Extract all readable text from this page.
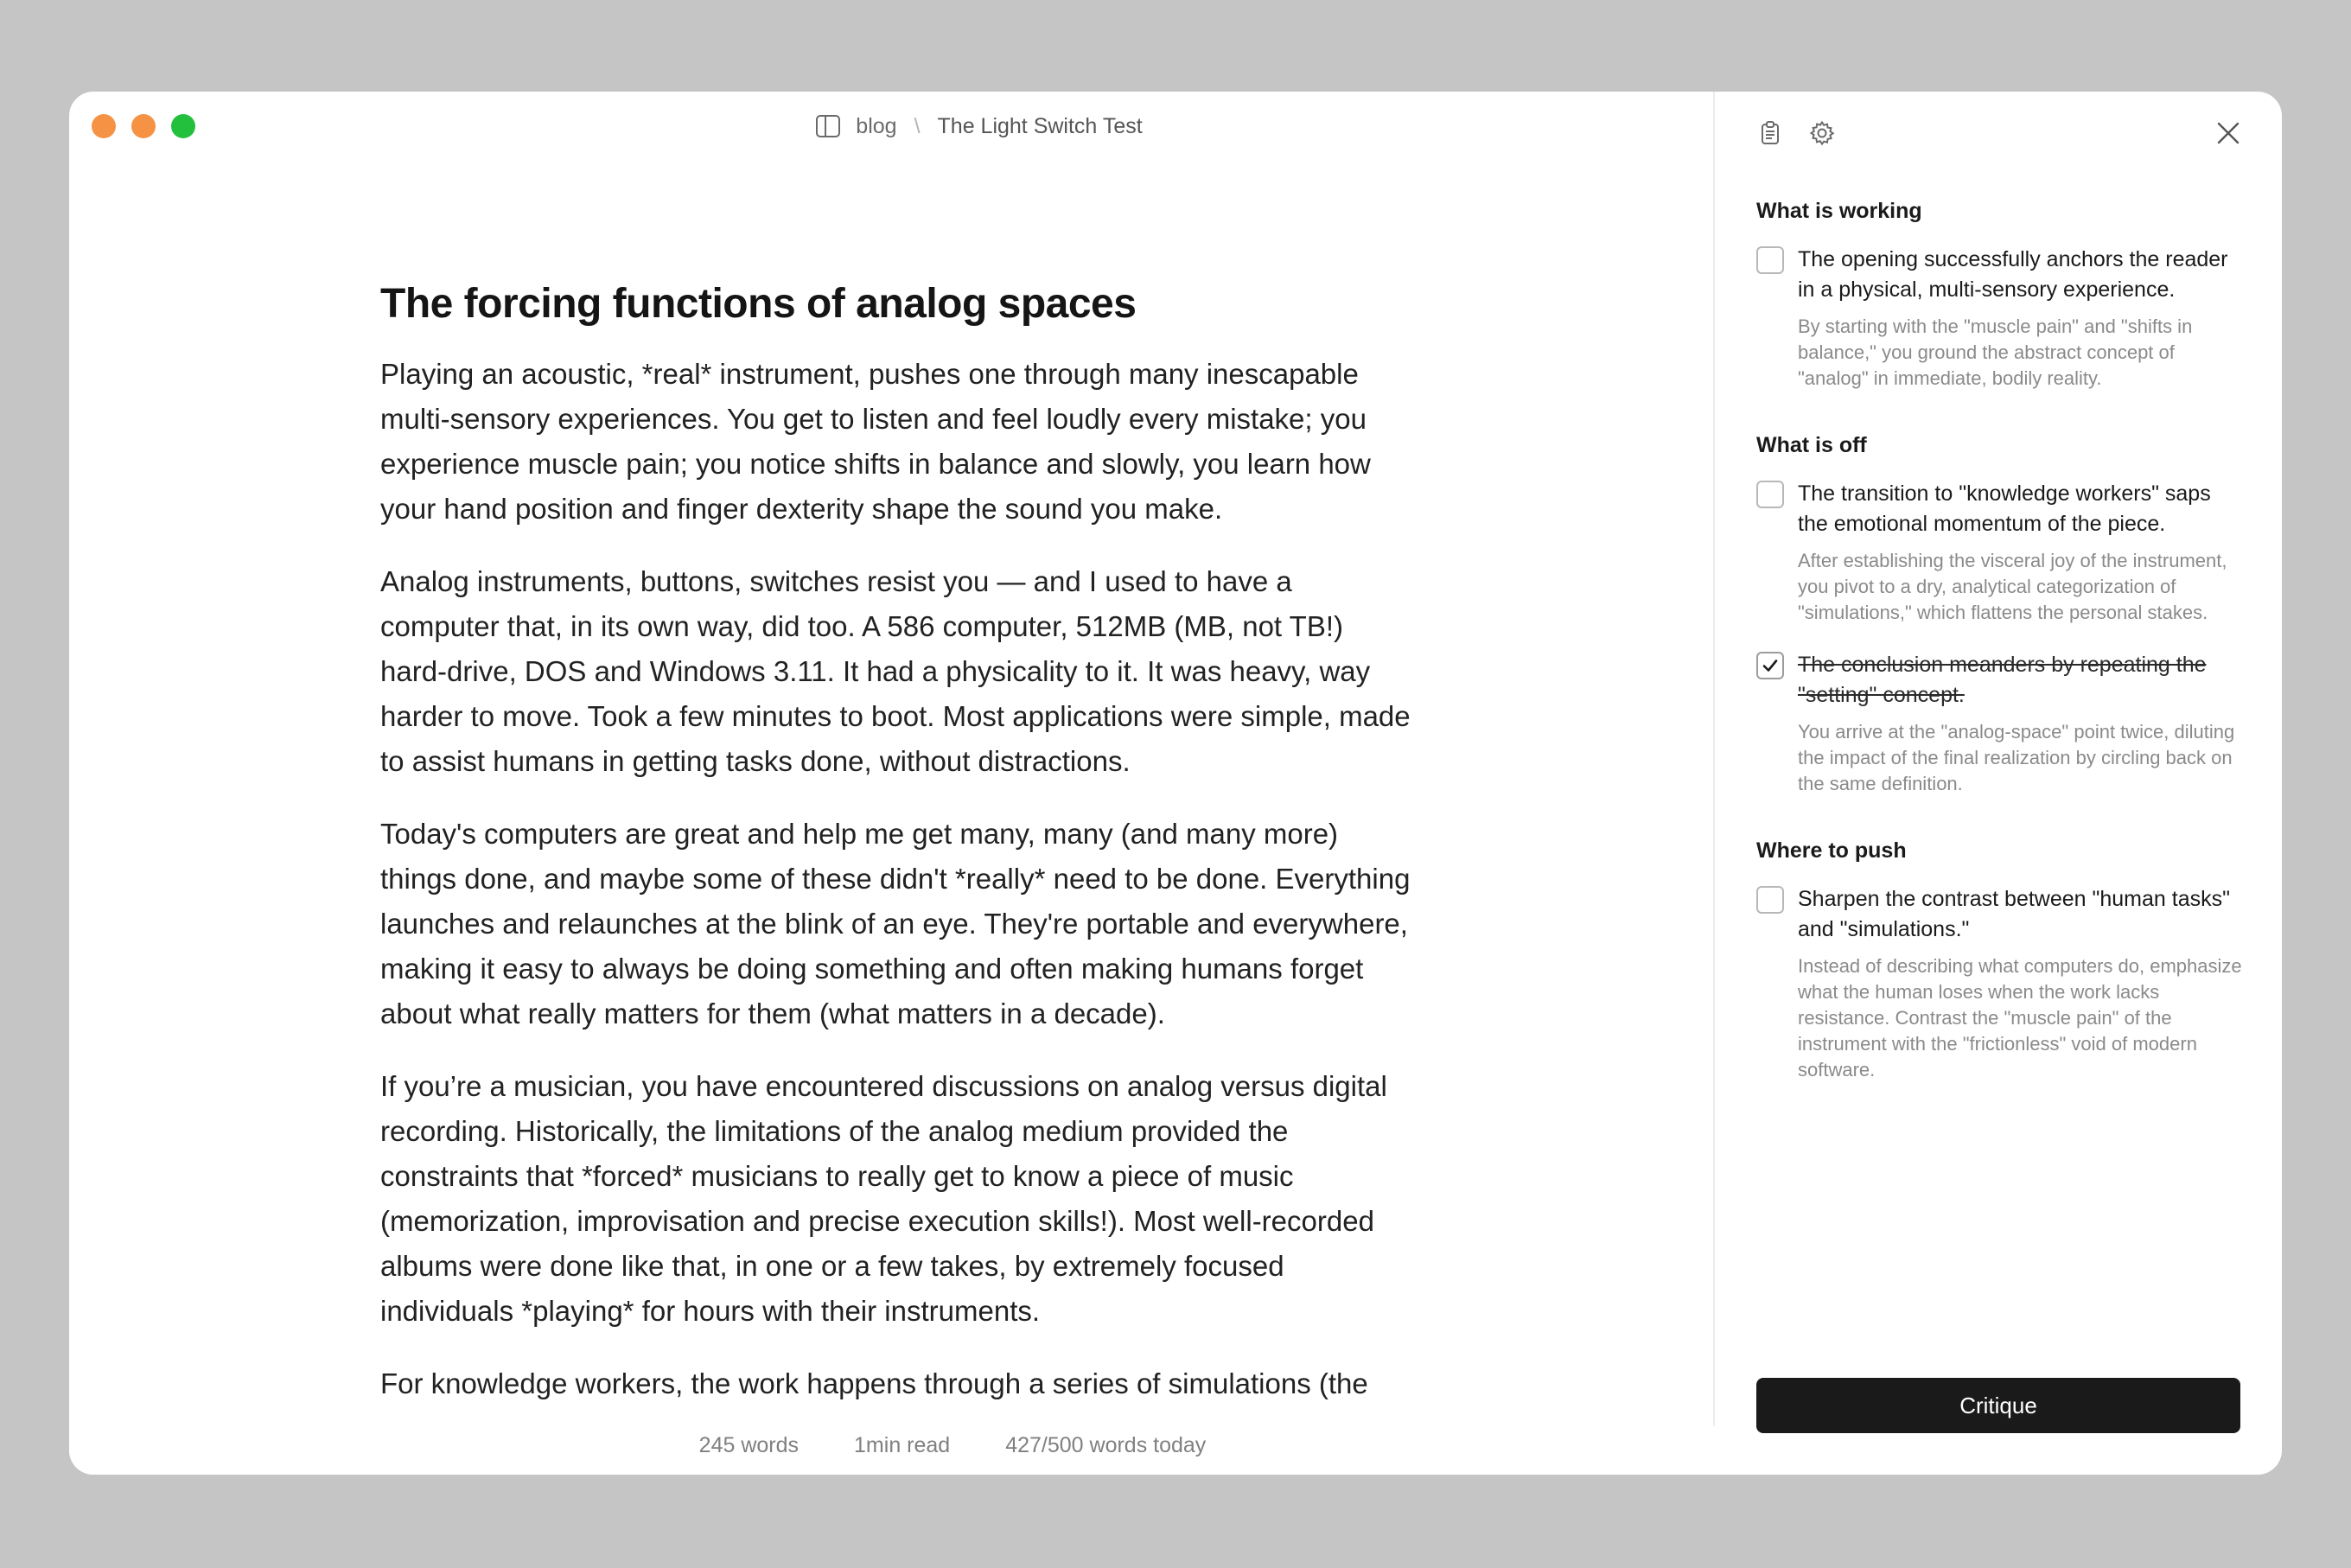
blog \ The Light Switch Test
The forcing functions of analog spaces

Playing an acoustic, *real* instrument, pushes one through many inescapable multi-sensory experiences. You get to listen and feel loudly every mistake; you experience muscle pain; you notice shifts in balance and slowly, you learn how your hand position and finger dexterity shape the sound you make.

Analog instruments, buttons, switches resist you — and I used to have a computer that, in its own way, did too. A 586 computer, 512MB (MB, not TB!) hard-drive, DOS and Windows 3.11. It had a physicality to it. It was heavy, way harder to move. Took a few minutes to boot. Most applications were simple, made to assist humans in getting tasks done, without distractions.

Today's computers are great and help me get many, many (and many more) things done, and maybe some of these didn't *really* need to be done. Everything launches and relaunches at the blink of an eye. They're portable and everywhere, making it easy to always be doing something and often making humans forget about what really matters for them (what matters in a decade).

If you’re a musician, you have encountered discussions on analog versus digital recording. Historically, the limitations of the analog medium provided the constraints that *forced* musicians to really get to know a piece of music (memorization, improvisation and precise execution skills!). Most well-recorded albums were done like that, in one or a few takes, by extremely focused individuals *playing* for hours with their instruments.

For knowledge workers, the work happens through a series of simulations (the

245 words	1min read	427/500 words today
What is working
The opening successfully anchors the reader in a physical, multi-sensory experience.
By starting with the "muscle pain" and "shifts in balance," you ground the abstract concept of "analog" in immediate, bodily reality.
What is off
The transition to "knowledge workers" saps the emotional momentum of the piece.
After establishing the visceral joy of the instrument, you pivot to a dry, analytical categorization of "simulations," which flattens the personal stakes.
The conclusion meanders by repeating the "setting" concept.
You arrive at the "analog-space" point twice, diluting the impact of the final realization by circling back on the same definition.
Where to push
Sharpen the contrast between "human tasks" and "simulations."
Instead of describing what computers do, emphasize what the human loses when the work lacks resistance. Contrast the "muscle pain" of the instrument with the "frictionless" void of modern software.
Critique
